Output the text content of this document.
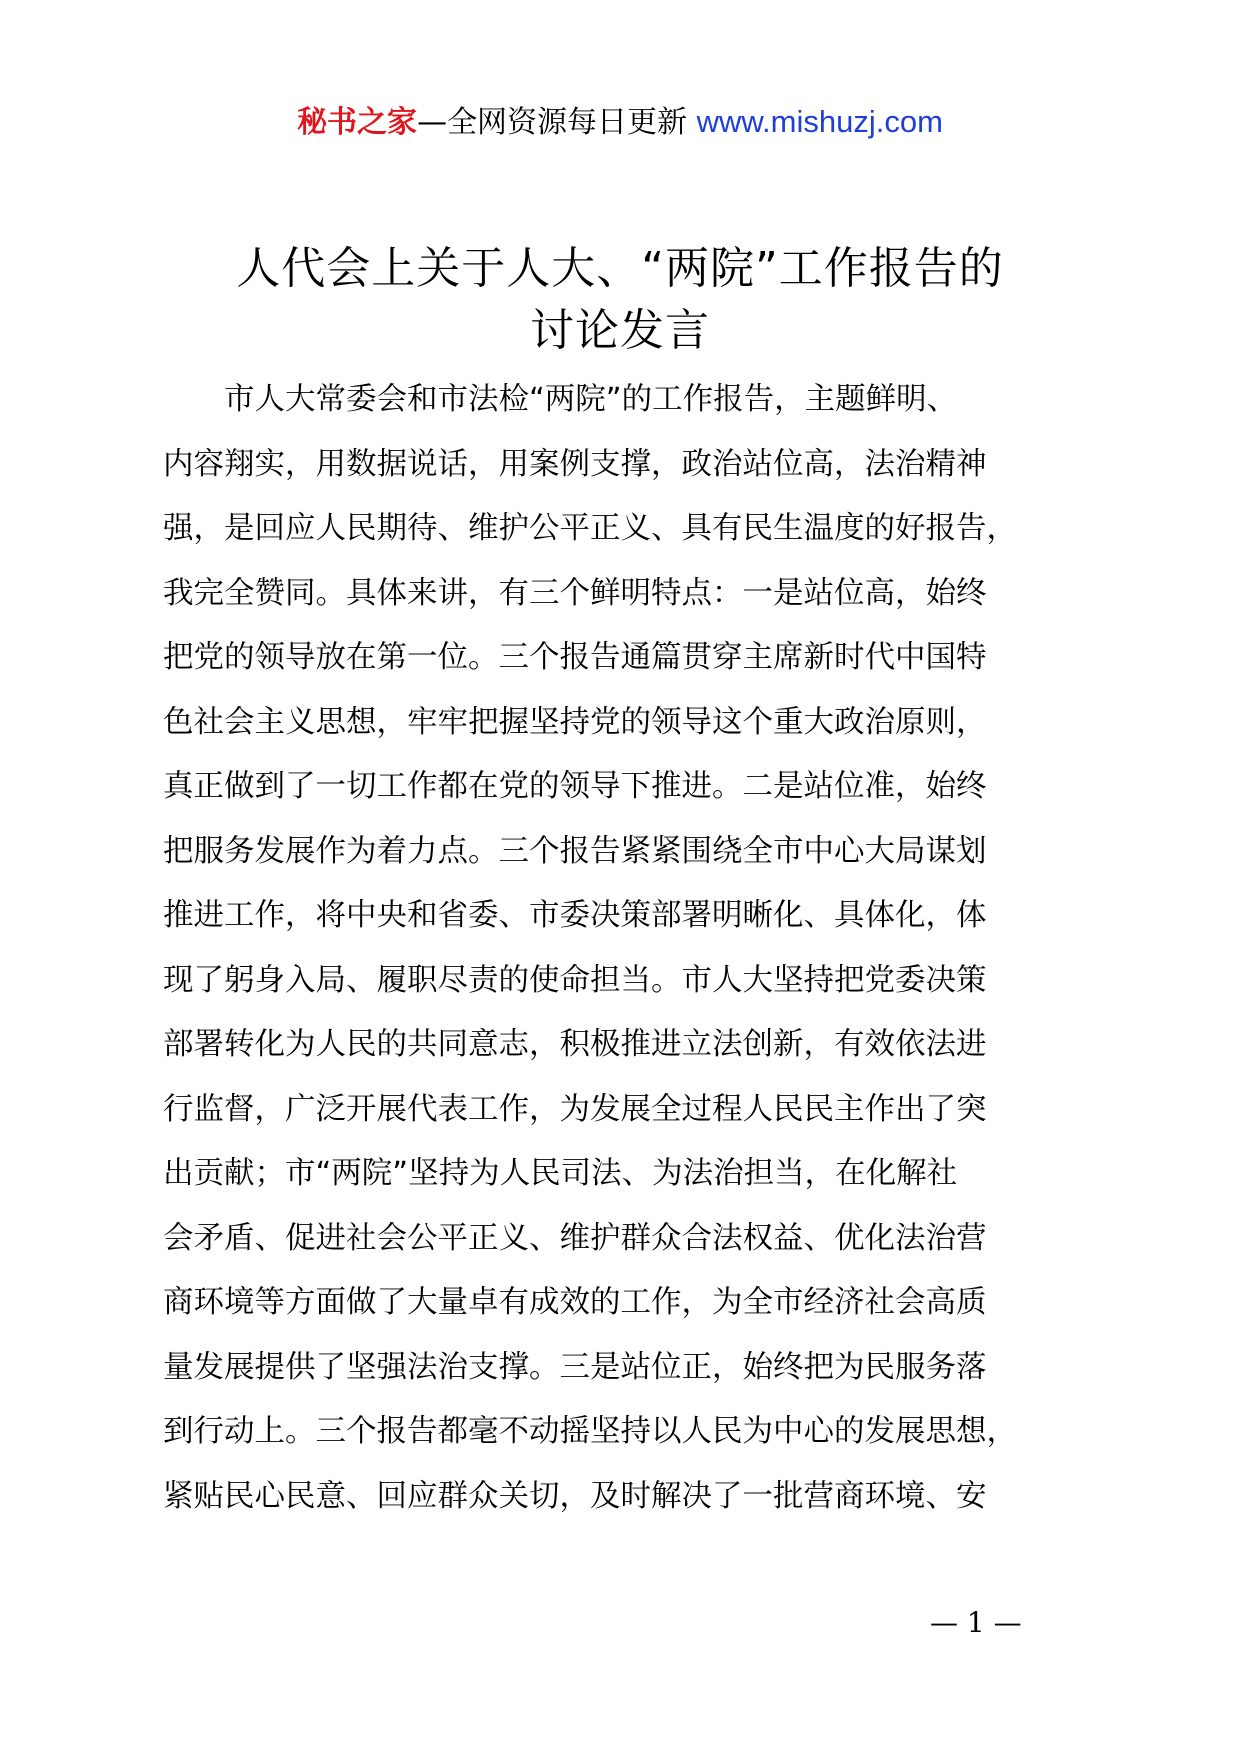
秘书之家—全网资源每日更新 www.mishuzj.com
人代会上关于人大、“两院”工作报告的
讨论发言
　　市人大常委会和市法检“两院”的工作报告，主题鲜明、
内容翔实，用数据说话，用案例支撑，政治站位高，法治精神
强，是回应人民期待、维护公平正义、具有民生温度的好报告，
我完全赞同。具体来讲，有三个鲜明特点：一是站位高，始终
把党的领导放在第一位。三个报告通篇贯穿主席新时代中国特
色社会主义思想，牢牢把握坚持党的领导这个重大政治原则，
真正做到了一切工作都在党的领导下推进。二是站位准，始终
把服务发展作为着力点。三个报告紧紧围绕全市中心大局谋划
推进工作，将中央和省委、市委决策部署明晰化、具体化，体
现了躬身入局、履职尽责的使命担当。市人大坚持把党委决策
部署转化为人民的共同意志，积极推进立法创新，有效依法进
行监督，广泛开展代表工作，为发展全过程人民民主作出了突
出贡献；市“两院”坚持为人民司法、为法治担当，在化解社
会矛盾、促进社会公平正义、维护群众合法权益、优化法治营
商环境等方面做了大量卓有成效的工作，为全市经济社会高质
量发展提供了坚强法治支撑。三是站位正，始终把为民服务落
到行动上。三个报告都毫不动摇坚持以人民为中心的发展思想，
紧贴民心民意、回应群众关切，及时解决了一批营商环境、安
— 1 —
